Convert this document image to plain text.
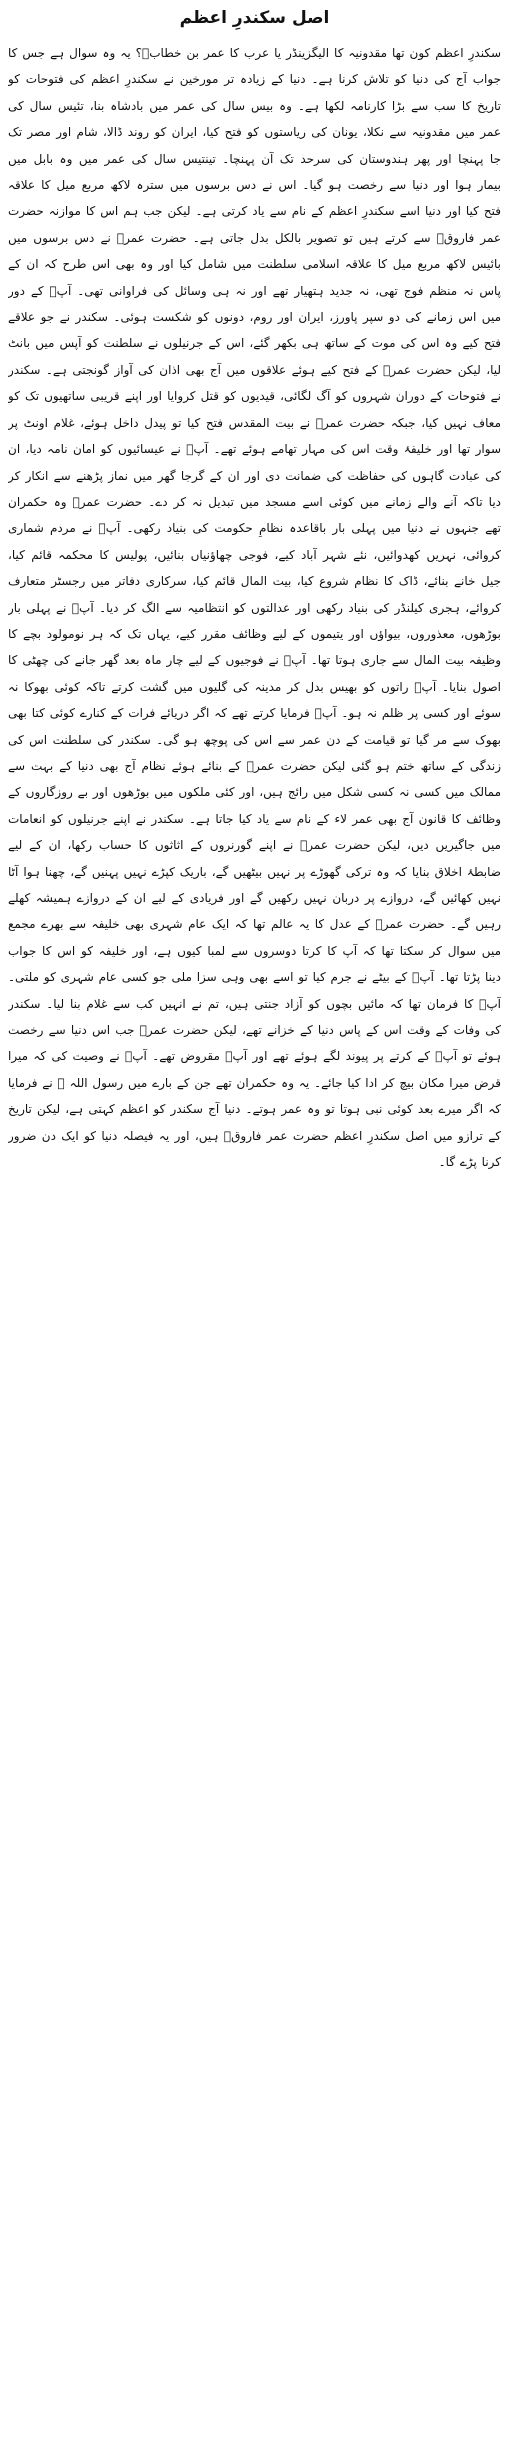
اصل سکندرِ اعظم

سکندرِ اعظم کون تھا مقدونیہ کا الیگزینڈر یا عرب کا عمر بن خطابؓ؟ یہ وہ سوال ہے جس کا جواب آج کی دنیا کو تلاش کرنا ہے۔ دنیا کے زیادہ تر مورخین نے سکندرِ اعظم کی فتوحات کو تاریخ کا سب سے بڑا کارنامہ لکھا ہے۔ وہ بیس سال کی عمر میں بادشاہ بنا، تئیس سال کی عمر میں مقدونیہ سے نکلا، یونان کی ریاستوں کو فتح کیا، ایران کو روند ڈالا، شام اور مصر تک جا پہنچا اور پھر ہندوستان کی سرحد تک آن پہنچا۔ تینتیس سال کی عمر میں وہ بابل میں بیمار ہوا اور دنیا سے رخصت ہو گیا۔ اس نے دس برسوں میں سترہ لاکھ مربع میل کا علاقہ فتح کیا اور دنیا اسے سکندرِ اعظم کے نام سے یاد کرتی ہے۔ لیکن جب ہم اس کا موازنہ حضرت عمر فاروقؓ سے کرتے ہیں تو تصویر بالکل بدل جاتی ہے۔ حضرت عمرؓ نے دس برسوں میں بائیس لاکھ مربع میل کا علاقہ اسلامی سلطنت میں شامل کیا اور وہ بھی اس طرح کہ ان کے پاس نہ منظم فوج تھی، نہ جدید ہتھیار تھے اور نہ ہی وسائل کی فراوانی تھی۔ آپؓ کے دور میں اس زمانے کی دو سپر پاورز، ایران اور روم، دونوں کو شکست ہوئی۔ سکندر نے جو علاقے فتح کیے وہ اس کی موت کے ساتھ ہی بکھر گئے، اس کے جرنیلوں نے سلطنت کو آپس میں بانٹ لیا، لیکن حضرت عمرؓ کے فتح کیے ہوئے علاقوں میں آج بھی اذان کی آواز گونجتی ہے۔ سکندر نے فتوحات کے دوران شہروں کو آگ لگائی، قیدیوں کو قتل کروایا اور اپنے قریبی ساتھیوں تک کو معاف نہیں کیا، جبکہ حضرت عمرؓ نے بیت المقدس فتح کیا تو پیدل داخل ہوئے، غلام اونٹ پر سوار تھا اور خلیفۂ وقت اس کی مہار تھامے ہوئے تھے۔ آپؓ نے عیسائیوں کو امان نامہ دیا، ان کی عبادت گاہوں کی حفاظت کی ضمانت دی اور ان کے گرجا گھر میں نماز پڑھنے سے انکار کر دیا تاکہ آنے والے زمانے میں کوئی اسے مسجد میں تبدیل نہ کر دے۔ حضرت عمرؓ وہ حکمران تھے جنہوں نے دنیا میں پہلی بار باقاعدہ نظامِ حکومت کی بنیاد رکھی۔ آپؓ نے مردم شماری کروائی، نہریں کھدوائیں، نئے شہر آباد کیے، فوجی چھاؤنیاں بنائیں، پولیس کا محکمہ قائم کیا، جیل خانے بنائے، ڈاک کا نظام شروع کیا، بیت المال قائم کیا، سرکاری دفاتر میں رجسٹر متعارف کروائے، ہجری کیلنڈر کی بنیاد رکھی اور عدالتوں کو انتظامیہ سے الگ کر دیا۔ آپؓ نے پہلی بار بوڑھوں، معذوروں، بیواؤں اور یتیموں کے لیے وظائف مقرر کیے، یہاں تک کہ ہر نومولود بچے کا وظیفہ بیت المال سے جاری ہوتا تھا۔ آپؓ نے فوجیوں کے لیے چار ماہ بعد گھر جانے کی چھٹی کا اصول بنایا۔ آپؓ راتوں کو بھیس بدل کر مدینہ کی گلیوں میں گشت کرتے تاکہ کوئی بھوکا نہ سوئے اور کسی پر ظلم نہ ہو۔ آپؓ فرمایا کرتے تھے کہ اگر دریائے فرات کے کنارے کوئی کتا بھی بھوک سے مر گیا تو قیامت کے دن عمر سے اس کی پوچھ ہو گی۔ سکندر کی سلطنت اس کی زندگی کے ساتھ ختم ہو گئی لیکن حضرت عمرؓ کے بنائے ہوئے نظام آج بھی دنیا کے بہت سے ممالک میں کسی نہ کسی شکل میں رائج ہیں، اور کئی ملکوں میں بوڑھوں اور بے روزگاروں کے وظائف کا قانون آج بھی عمر لاء کے نام سے یاد کیا جاتا ہے۔ سکندر نے اپنے جرنیلوں کو انعامات میں جاگیریں دیں، لیکن حضرت عمرؓ نے اپنے گورنروں کے اثاثوں کا حساب رکھا، ان کے لیے ضابطۂ اخلاق بنایا کہ وہ ترکی گھوڑے پر نہیں بیٹھیں گے، باریک کپڑے نہیں پہنیں گے، چھنا ہوا آٹا نہیں کھائیں گے، دروازے پر دربان نہیں رکھیں گے اور فریادی کے لیے ان کے دروازے ہمیشہ کھلے رہیں گے۔ حضرت عمرؓ کے عدل کا یہ عالم تھا کہ ایک عام شہری بھی خلیفہ سے بھرے مجمع میں سوال کر سکتا تھا کہ آپ کا کرتا دوسروں سے لمبا کیوں ہے، اور خلیفہ کو اس کا جواب دینا پڑتا تھا۔ آپؓ کے بیٹے نے جرم کیا تو اسے بھی وہی سزا ملی جو کسی عام شہری کو ملتی۔ آپؓ کا فرمان تھا کہ مائیں بچوں کو آزاد جنتی ہیں، تم نے انہیں کب سے غلام بنا لیا۔ سکندر کی وفات کے وقت اس کے پاس دنیا کے خزانے تھے، لیکن حضرت عمرؓ جب اس دنیا سے رخصت ہوئے تو آپؓ کے کرتے پر پیوند لگے ہوئے تھے اور آپؓ مقروض تھے۔ آپؓ نے وصیت کی کہ میرا قرض میرا مکان بیچ کر ادا کیا جائے۔ یہ وہ حکمران تھے جن کے بارے میں رسول اللہ ﷺ نے فرمایا کہ اگر میرے بعد کوئی نبی ہوتا تو وہ عمر ہوتے۔ دنیا آج سکندر کو اعظم کہتی ہے، لیکن تاریخ کے ترازو میں اصل سکندرِ اعظم حضرت عمر فاروقؓ ہیں، اور یہ فیصلہ دنیا کو ایک دن ضرور کرنا پڑے گا۔
